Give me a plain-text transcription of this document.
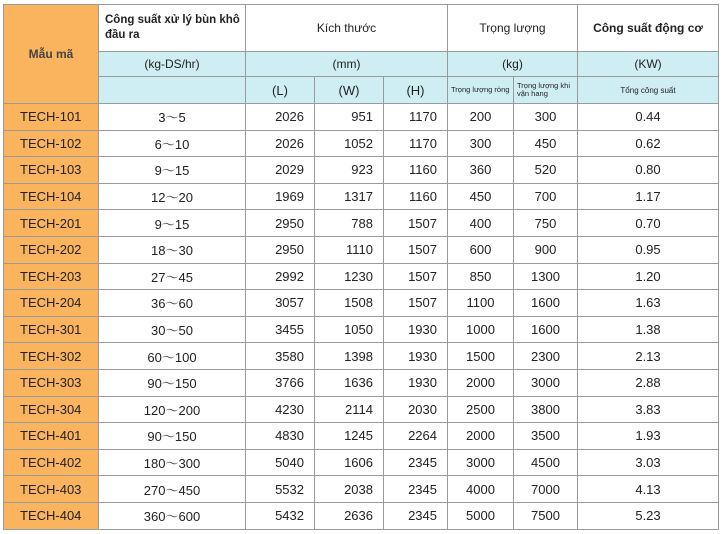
Mẫu mã	Công suất xử lý bùn khô đầu ra	Kích thước			Trọng lượng		Công suất động cơ
	(kg-DS/hr)	(mm)			(kg)		(KW)
		(L)	(W)	(H)	Trọng lượng ròng	Trọng lượng khi vận hang	Tổng công suất
TECH-101	3～5	2026	951	1170	200	300	0.44
TECH-102	6～10	2026	1052	1170	300	450	0.62
TECH-103	9～15	2029	923	1160	360	520	0.80
TECH-104	12～20	1969	1317	1160	450	700	1.17
TECH-201	9～15	2950	788	1507	400	750	0.70
TECH-202	18～30	2950	1110	1507	600	900	0.95
TECH-203	27～45	2992	1230	1507	850	1300	1.20
TECH-204	36～60	3057	1508	1507	1100	1600	1.63
TECH-301	30～50	3455	1050	1930	1000	1600	1.38
TECH-302	60～100	3580	1398	1930	1500	2300	2.13
TECH-303	90～150	3766	1636	1930	2000	3000	2.88
TECH-304	120～200	4230	2114	2030	2500	3800	3.83
TECH-401	90～150	4830	1245	2264	2000	3500	1.93
TECH-402	180～300	5040	1606	2345	3000	4500	3.03
TECH-403	270～450	5532	2038	2345	4000	7000	4.13
TECH-404	360～600	5432	2636	2345	5000	7500	5.23
